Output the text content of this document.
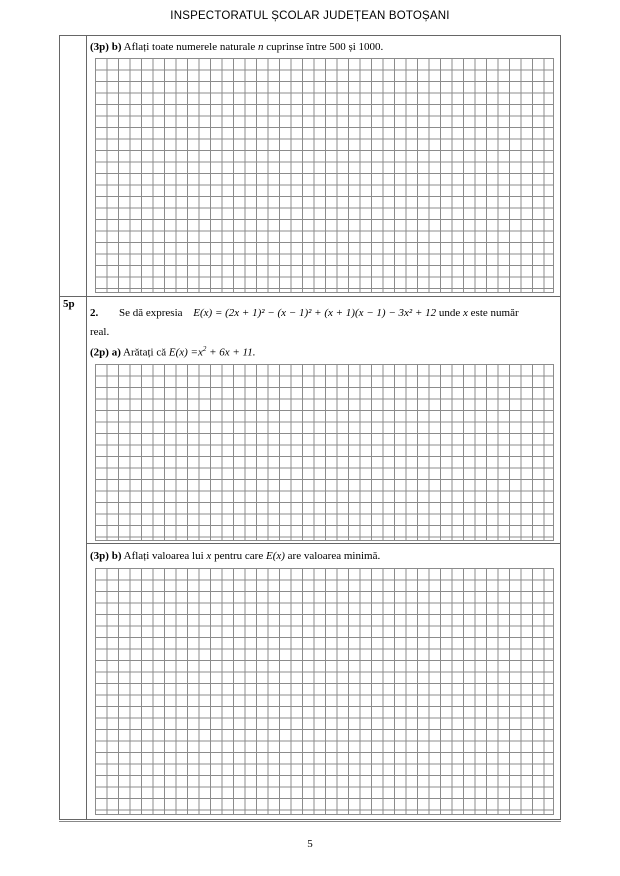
INSPECTORATUL ȘCOLAR JUDEȚEAN BOTOȘANI
(3p) b) Aflați toate numerele naturale n cuprinse între 500 și 1000.
5p
2. Se dă expresia E(x) = (2x + 1)² − (x − 1)² + (x + 1)(x − 1) − 3x² + 12 unde x este număr
real.
(2p) a) Arătați că $E(x) =x^2 + 6x + 11$.
(3p) b) Aflați valoarea lui x pentru care E(x) are valoarea minimă.
5
